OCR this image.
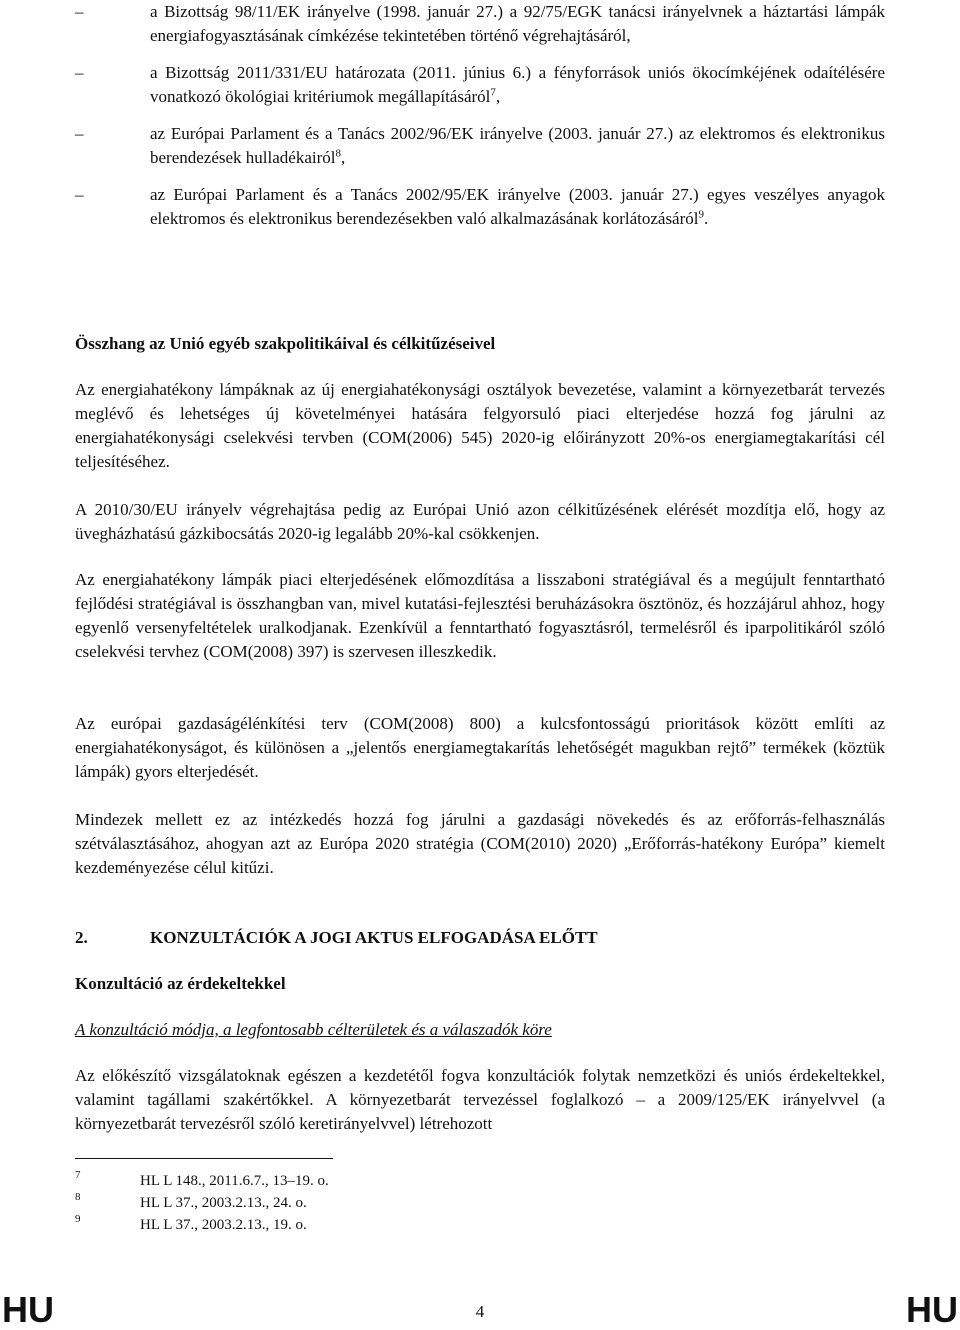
–	a Bizottság 98/11/EK irányelve (1998. január 27.) a 92/75/EGK tanácsi irányelvnek a háztartási lámpák energiafogyasztásának címkézése tekintetében történő végrehajtásáról,
–	a Bizottság 2011/331/EU határozata (2011. június 6.) a fényforrások uniós ökocímkéjének odaítélésére vonatkozó ökológiai kritériumok megállapításáról$^7$,
–	az Európai Parlament és a Tanács 2002/96/EK irányelve (2003. január 27.) az elektromos és elektronikus berendezések hulladékairól$^8$,
–	az Európai Parlament és a Tanács 2002/95/EK irányelve (2003. január 27.) egyes veszélyes anyagok elektromos és elektronikus berendezésekben való alkalmazásának korlátozásáról$^9$.
Összhang az Unió egyéb szakpolitikáival és célkitűzéseivel

Az energiahatékony lámpáknak az új energiahatékonysági osztályok bevezetése, valamint a környezetbarát tervezés meglévő és lehetséges új követelményei hatására felgyorsuló piaci elterjedése hozzá fog járulni az energiahatékonysági cselekvési tervben (COM(2006) 545) 2020-ig előirányzott 20%-os energiamegtakarítási cél teljesítéséhez.

A 2010/30/EU irányelv végrehajtása pedig az Európai Unió azon célkitűzésének elérését mozdítja elő, hogy az üvegházhatású gázkibocsátás 2020-ig legalább 20%-kal csökkenjen.

Az energiahatékony lámpák piaci elterjedésének előmozdítása a lisszaboni stratégiával és a megújult fenntartható fejlődési stratégiával is összhangban van, mivel kutatási-fejlesztési beruházásokra ösztönöz, és hozzájárul ahhoz, hogy egyenlő versenyfeltételek uralkodjanak. Ezenkívül a fenntartható fogyasztásról, termelésről és iparpolitikáról szóló cselekvési tervhez (COM(2008) 397) is szervesen illeszkedik.

Az európai gazdaságélénkítési terv (COM(2008) 800) a kulcsfontosságú prioritások között említi az energiahatékonyságot, és különösen a „jelentős energiamegtakarítás lehetőségét magukban rejtő” termékek (köztük lámpák) gyors elterjedését.

Mindezek mellett ez az intézkedés hozzá fog járulni a gazdasági növekedés és az erőforrás-felhasználás szétválasztásához, ahogyan azt az Európa 2020 stratégia (COM(2010) 2020) „Erőforrás-hatékony Európa” kiemelt kezdeményezése célul kitűzi.

2.	KONZULTÁCIÓK A JOGI AKTUS ELFOGADÁSA ELŐTT
Konzultáció az érdekeltekkel
A konzultáció módja, a legfontosabb célterületek és a válaszadók köre

Az előkészítő vizsgálatoknak egészen a kezdetétől fogva konzultációk folytak nemzetközi és uniós érdekeltekkel, valamint tagállami szakértőkkel. A környezetbarát tervezéssel foglalkozó – a 2009/125/EK irányelvvel (a környezetbarát tervezésről szóló keretirányelvvel) létrehozott

7	HL L 148., 2011.6.7., 13–19. o.
8	HL L 37., 2003.2.13., 24. o.
9	HL L 37., 2003.2.13., 19. o.
HU	4	HU
